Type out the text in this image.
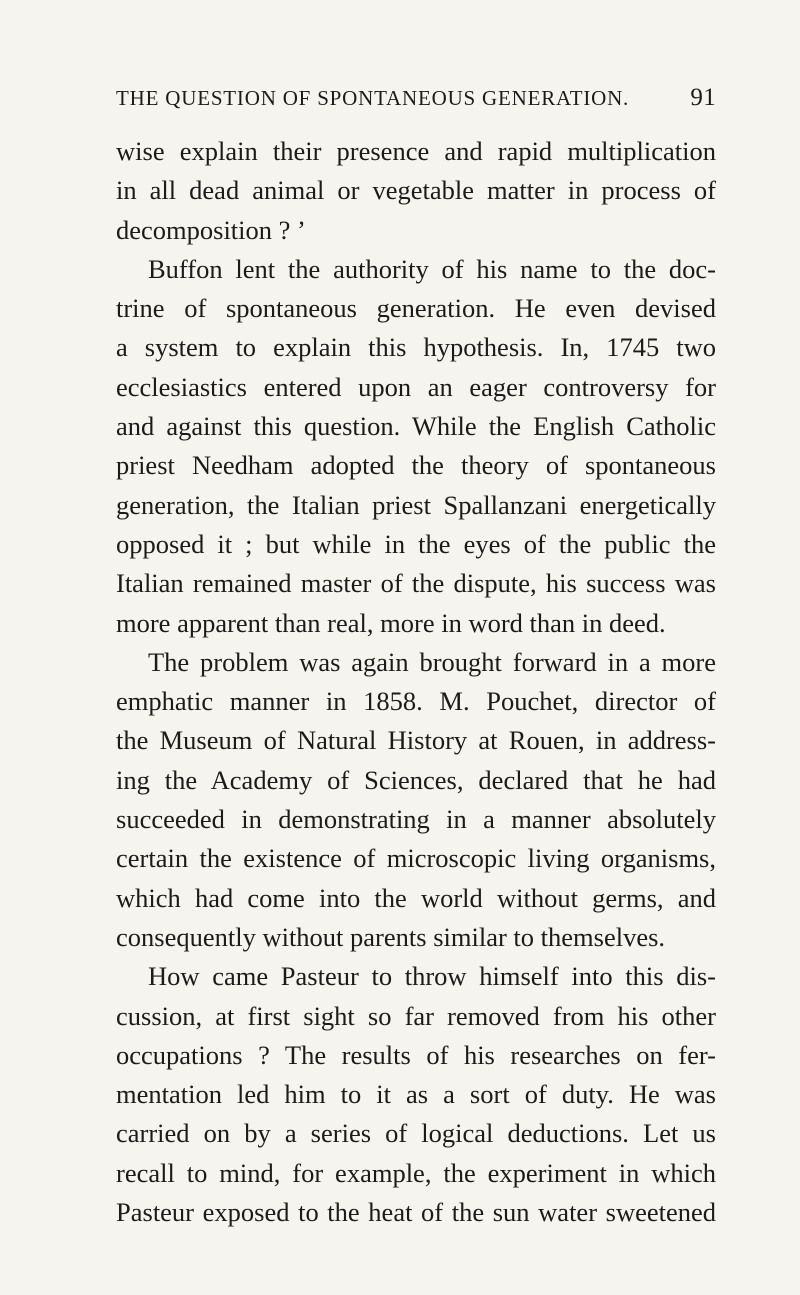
THE QUESTION OF SPONTANEOUS GENERATION. 91
wise explain their presence and rapid multiplication
in all dead animal or vegetable matter in process of
decomposition ? ’
Buffon lent the authority of his name to the doc-
trine of spontaneous generation. He even devised
a system to explain this hypothesis. In, 1745 two
ecclesiastics entered upon an eager controversy for
and against this question. While the English Catholic
priest Needham adopted the theory of spontaneous
generation, the Italian priest Spallanzani energetically
opposed it ; but while in the eyes of the public the
Italian remained master of the dispute, his success was
more apparent than real, more in word than in deed.
The problem was again brought forward in a more
emphatic manner in 1858. M. Pouchet, director of
the Museum of Natural History at Rouen, in address-
ing the Academy of Sciences, declared that he had
succeeded in demonstrating in a manner absolutely
certain the existence of microscopic living organisms,
which had come into the world without germs, and
consequently without parents similar to themselves.
How came Pasteur to throw himself into this dis-
cussion, at first sight so far removed from his other
occupations ? The results of his researches on fer-
mentation led him to it as a sort of duty. He was
carried on by a series of logical deductions. Let us
recall to mind, for example, the experiment in which
Pasteur exposed to the heat of the sun water sweetened
